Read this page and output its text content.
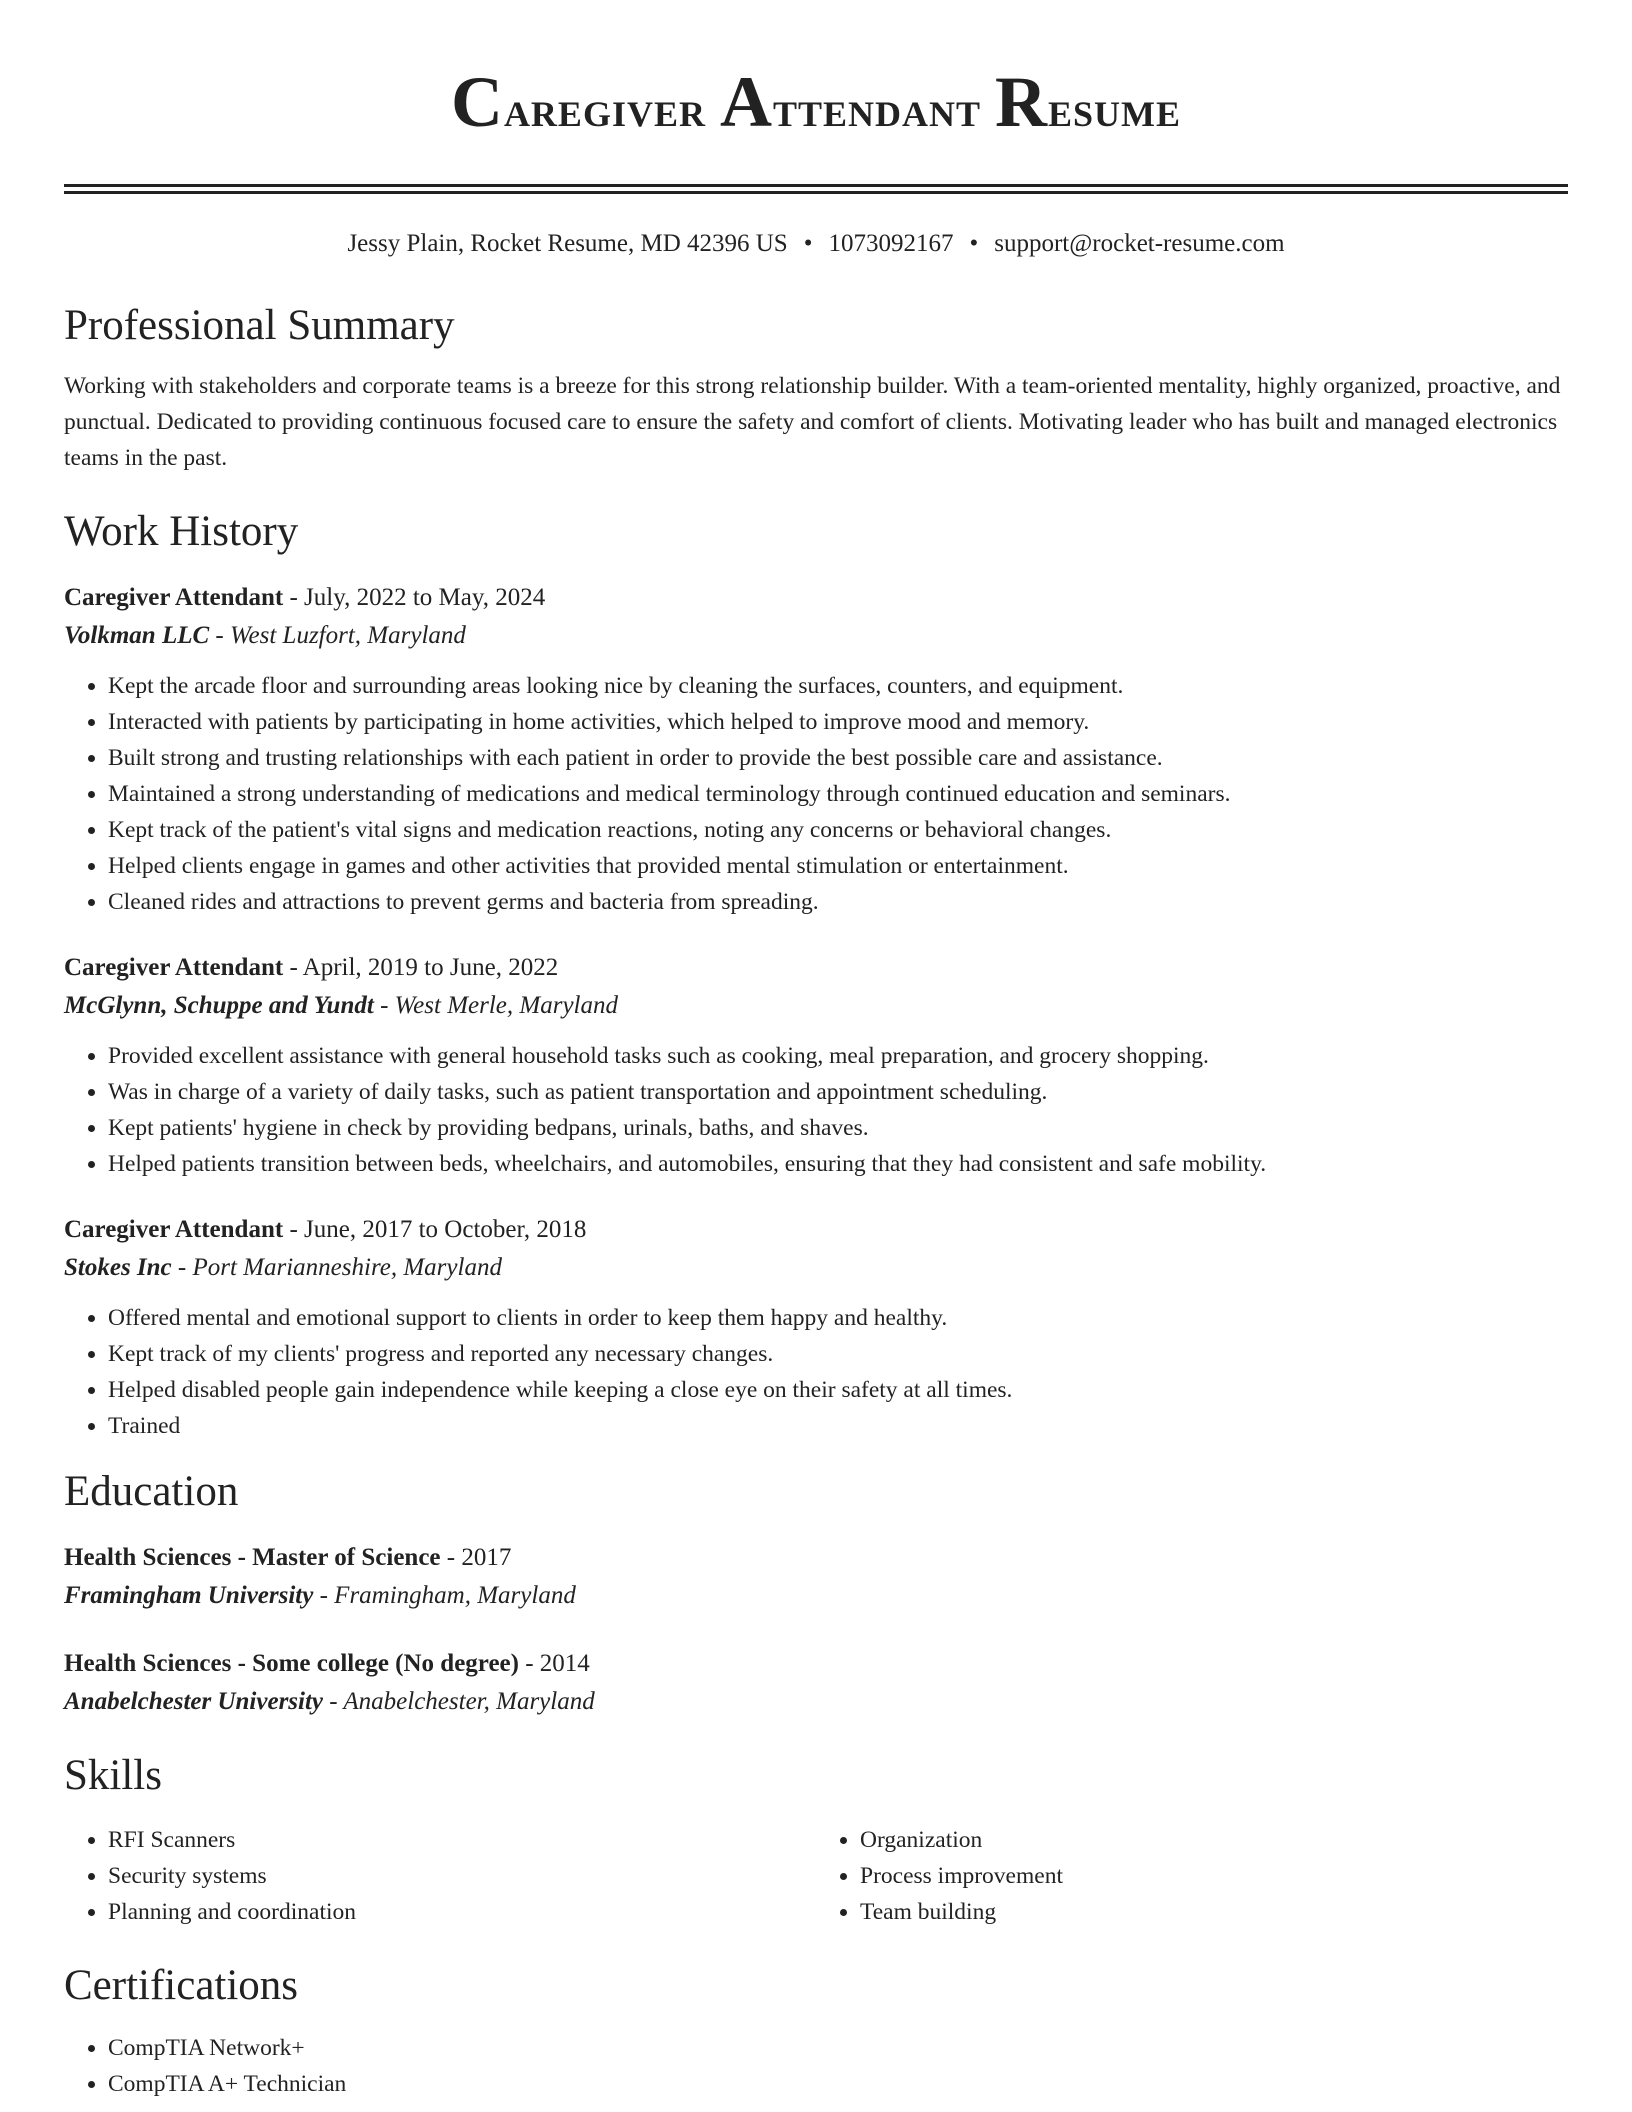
Caregiver Attendant Resume
Jessy Plain, Rocket Resume, MD 42396 US • 1073092167 • support@rocket-resume.com
Professional Summary

Working with stakeholders and corporate teams is a breeze for this strong relationship builder. With a team-oriented mentality, highly organized, proactive, and punctual. Dedicated to providing continuous focused care to ensure the safety and comfort of clients. Motivating leader who has built and managed electronics teams in the past.

Work History
Caregiver Attendant - July, 2022 to May, 2024
Volkman LLC - West Luzfort, Maryland
• Kept the arcade floor and surrounding areas looking nice by cleaning the surfaces, counters, and equipment.
• Interacted with patients by participating in home activities, which helped to improve mood and memory.
• Built strong and trusting relationships with each patient in order to provide the best possible care and assistance.
• Maintained a strong understanding of medications and medical terminology through continued education and seminars.
• Kept track of the patient's vital signs and medication reactions, noting any concerns or behavioral changes.
• Helped clients engage in games and other activities that provided mental stimulation or entertainment.
• Cleaned rides and attractions to prevent germs and bacteria from spreading.
Caregiver Attendant - April, 2019 to June, 2022
McGlynn, Schuppe and Yundt - West Merle, Maryland
• Provided excellent assistance with general household tasks such as cooking, meal preparation, and grocery shopping.
• Was in charge of a variety of daily tasks, such as patient transportation and appointment scheduling.
• Kept patients' hygiene in check by providing bedpans, urinals, baths, and shaves.
• Helped patients transition between beds, wheelchairs, and automobiles, ensuring that they had consistent and safe mobility.
Caregiver Attendant - June, 2017 to October, 2018
Stokes Inc - Port Marianneshire, Maryland
• Offered mental and emotional support to clients in order to keep them happy and healthy.
• Kept track of my clients' progress and reported any necessary changes.
• Helped disabled people gain independence while keeping a close eye on their safety at all times.
• Trained
Education
Health Sciences - Master of Science - 2017
Framingham University - Framingham, Maryland
Health Sciences - Some college (No degree) - 2014
Anabelchester University - Anabelchester, Maryland
Skills
• RFI Scanners
• Security systems
• Planning and coordination
• Organization
• Process improvement
• Team building
Certifications
• CompTIA Network+
• CompTIA A+ Technician
